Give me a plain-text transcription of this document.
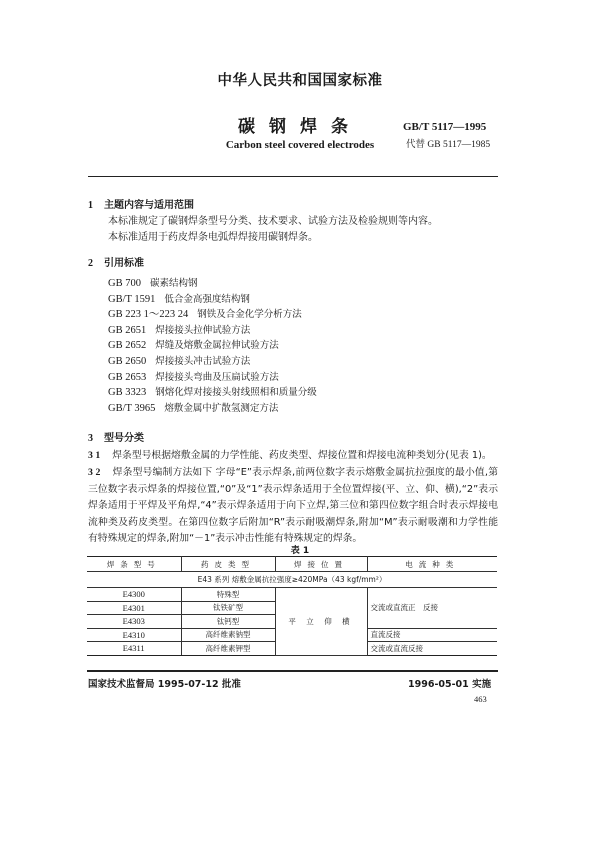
中华人民共和国国家标准
碳钢焊条
Carbon steel covered electrodes
GB/T 5117—1995
代替 GB 5117—1985
1 主题内容与适用范围
本标准规定了碳钢焊条型号分类、技术要求、试验方法及检验规则等内容。
本标准适用于药皮焊条电弧焊焊接用碳钢焊条。
2 引用标准
GB 700 碳素结构钢
GB/T 1591 低合金高强度结构钢
GB 223 1～223 24 钢铁及合金化学分析方法
GB 2651 焊接接头拉伸试验方法
GB 2652 焊缝及熔敷金属拉伸试验方法
GB 2650 焊接接头冲击试验方法
GB 2653 焊接接头弯曲及压扁试验方法
GB 3323 钢熔化焊对接接头射线照相和质量分级
GB/T 3965 熔敷金属中扩散氢测定方法
3 型号分类
3 1 焊条型号根据熔敷金属的力学性能、药皮类型、焊接位置和焊接电流种类划分(见表 1)。
3 2 焊条型号编制方法如下 字母“E”表示焊条,前两位数字表示熔敷金属抗拉强度的最小值,第三位数字表示焊条的焊接位置,“0”及“1”表示焊条适用于全位置焊接(平、立、仰、横),“2”表示焊条适用于平焊及平角焊,“4”表示焊条适用于向下立焊,第三位和第四位数字组合时表示焊接电流种类及药皮类型。在第四位数字后附加“R”表示耐吸潮焊条,附加“M”表示耐吸潮和力学性能有特殊规定的焊条,附加“－1”表示冲击性能有特殊规定的焊条。
表 1
焊条型号	药皮类型	焊接位置	电流种类
E43 系列 熔敷金属抗拉强度≥420MPa（43 kgf/mm²）			
E4300	特殊型	平 立 仰 横	交流或直流正　反接
E4301	钛铁矿型		
E4303	钛钙型		
E4310	高纤维素钠型		直流反接
E4311	高纤维素钾型		交流或直流反接
国家技术监督局 1995-07-12 批准	1996-05-01 实施
463
